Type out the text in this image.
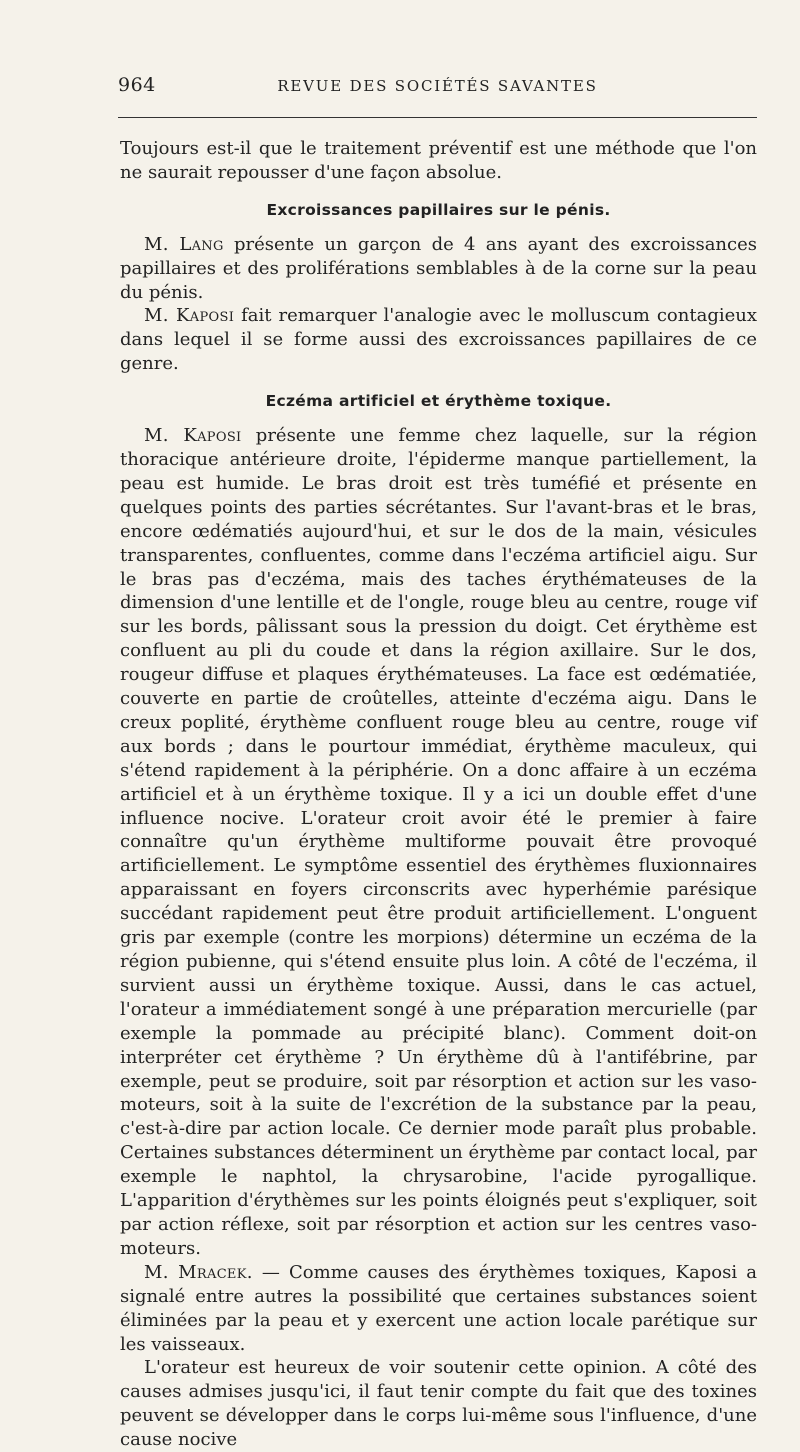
964	REVUE DES SOCIÉTÉS SAVANTES

Toujours est-il que le traitement préventif est une méthode que l'on ne saurait repousser d'une façon absolue.

Excroissances papillaires sur le pénis.

M. Lang présente un garçon de 4 ans ayant des excroissances papillaires et des proliférations semblables à de la corne sur la peau du pénis.

M. Kaposi fait remarquer l'analogie avec le molluscum contagieux dans lequel il se forme aussi des excroissances papillaires de ce genre.

Eczéma artificiel et érythème toxique.

M. Kaposi présente une femme chez laquelle, sur la région thoracique antérieure droite, l'épiderme manque partiellement, la peau est humide. Le bras droit est très tuméfié et présente en quelques points des parties sécrétantes. Sur l'avant-bras et le bras, encore œdématiés aujourd'hui, et sur le dos de la main, vésicules transparentes, confluentes, comme dans l'eczéma artificiel aigu. Sur le bras pas d'eczéma, mais des taches érythémateuses de la dimension d'une lentille et de l'ongle, rouge bleu au centre, rouge vif sur les bords, pâlissant sous la pression du doigt. Cet érythème est confluent au pli du coude et dans la région axillaire. Sur le dos, rougeur diffuse et plaques érythémateuses. La face est œdématiée, couverte en partie de croûtelles, atteinte d'eczéma aigu. Dans le creux poplité, érythème confluent rouge bleu au centre, rouge vif aux bords ; dans le pourtour immédiat, érythème maculeux, qui s'étend rapidement à la périphérie. On a donc affaire à un eczéma artificiel et à un érythème toxique. Il y a ici un double effet d'une influence nocive. L'orateur croit avoir été le premier à faire connaître qu'un érythème multiforme pouvait être provoqué artificiellement. Le symptôme essentiel des érythèmes fluxionnaires apparaissant en foyers circonscrits avec hyperhémie parésique succédant rapidement peut être produit artificiellement. L'onguent gris par exemple (contre les morpions) détermine un eczéma de la région pubienne, qui s'étend ensuite plus loin. A côté de l'eczéma, il survient aussi un érythème toxique. Aussi, dans le cas actuel, l'orateur a immédiatement songé à une préparation mercurielle (par exemple la pommade au précipité blanc). Comment doit-on interpréter cet érythème ? Un érythème dû à l'antifébrine, par exemple, peut se produire, soit par résorption et action sur les vaso-moteurs, soit à la suite de l'excrétion de la substance par la peau, c'est-à-dire par action locale. Ce dernier mode paraît plus probable. Certaines substances déterminent un érythème par contact local, par exemple le naphtol, la chrysarobine, l'acide pyrogallique. L'apparition d'érythèmes sur les points éloignés peut s'expliquer, soit par action réflexe, soit par résorption et action sur les centres vaso-moteurs.

M. Mracek. — Comme causes des érythèmes toxiques, Kaposi a signalé entre autres la possibilité que certaines substances soient éliminées par la peau et y exercent une action locale parétique sur les vaisseaux.

L'orateur est heureux de voir soutenir cette opinion. A côté des causes admises jusqu'ici, il faut tenir compte du fait que des toxines peuvent se développer dans le corps lui-même sous l'influence, d'une cause nocive
